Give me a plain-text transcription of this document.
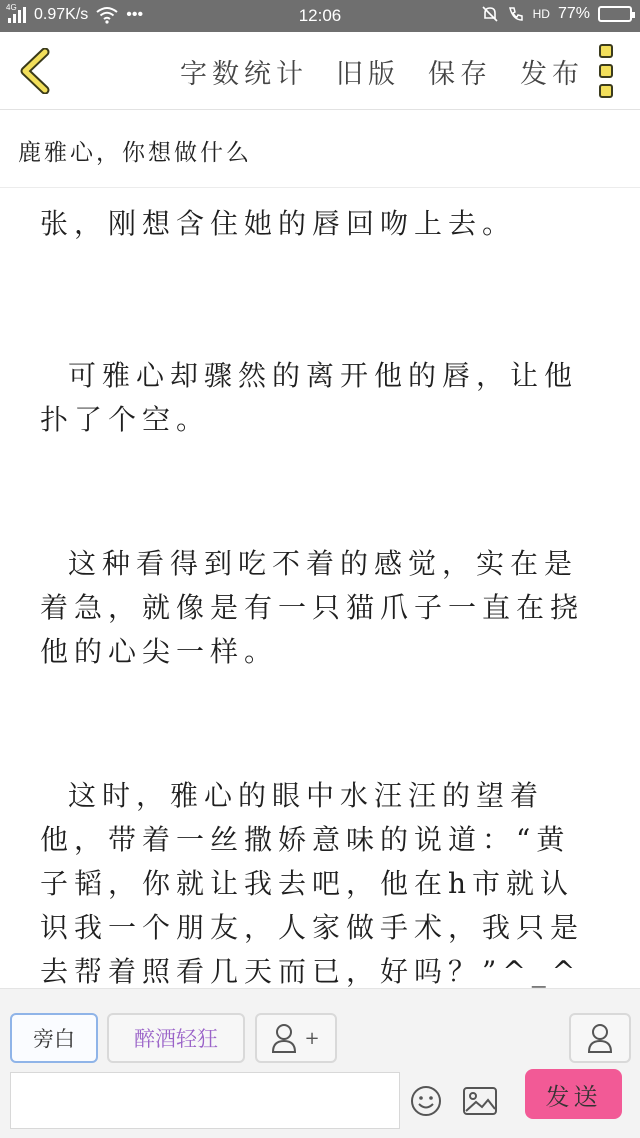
4G 0.97K/s •••	12:06	HD 77%
字数统计 旧版 保存 发布
鹿雅心，你想做什么
张，刚想含住她的唇回吻上去。
可雅心却骤然的离开他的唇，让他扑了个空。
这种看得到吃不着的感觉，实在是着急，就像是有一只猫爪子一直在挠他的心尖一样。
这时，雅心的眼中水汪汪的望着他，带着一丝撒娇意味的说道：“黄子韬，你就让我去吧，他在h市就认识我一个朋友，人家做手术，我只是去帮着照看几天而已，好吗？”^_^
旁白	醉酒轻狂	+
发送
